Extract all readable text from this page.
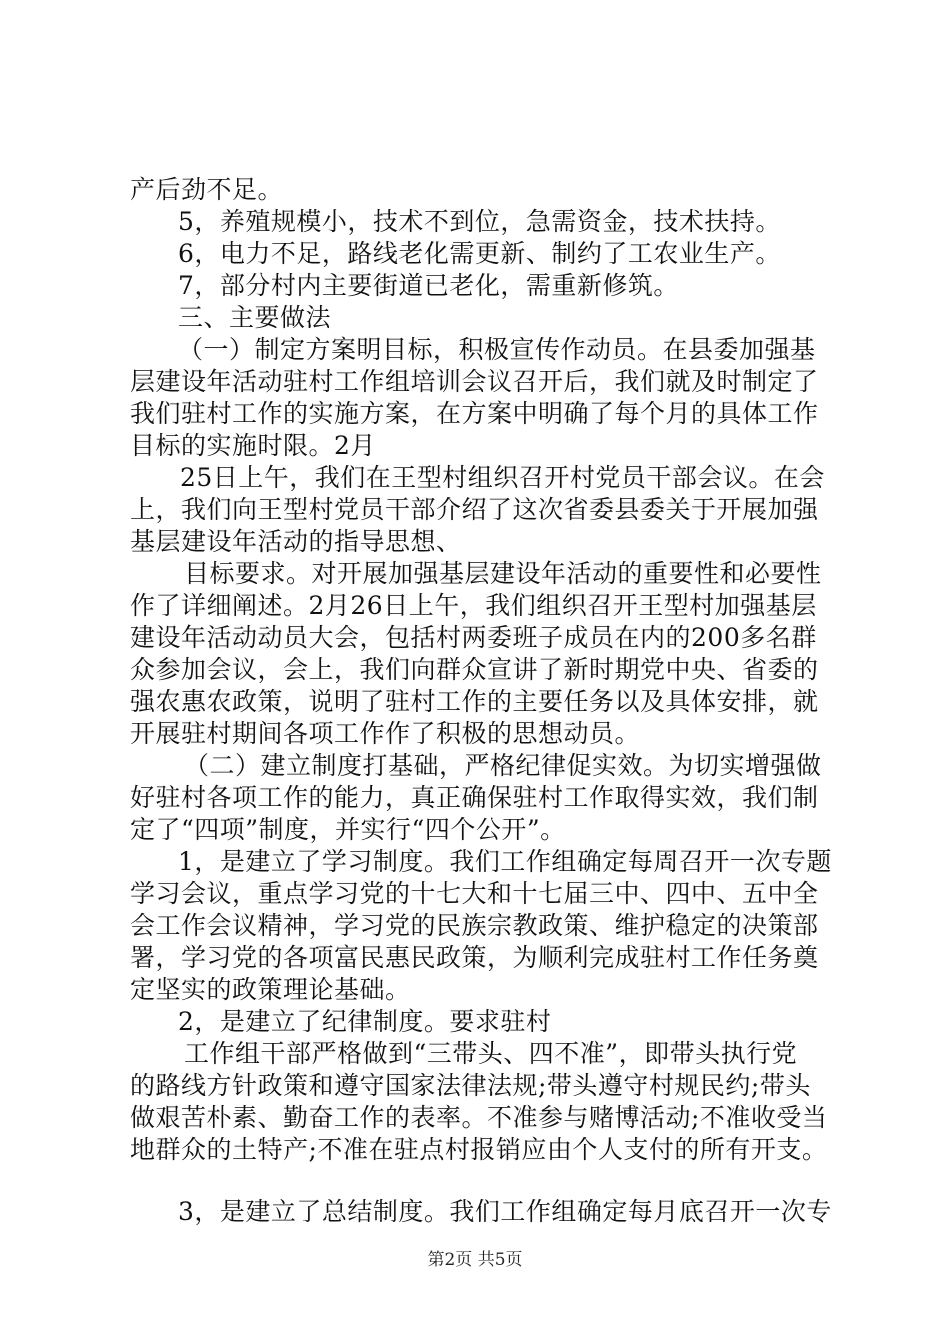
产后劲不足。
5，养殖规模小，技术不到位，急需资金，技术扶持。
6，电力不足，路线老化需更新、制约了工农业生产。
7，部分村内主要街道已老化，需重新修筑。
三、主要做法
（一）制定方案明目标，积极宣传作动员。在县委加强基
层建设年活动驻村工作组培训会议召开后，我们就及时制定了
我们驻村工作的实施方案，在方案中明确了每个月的具体工作
目标的实施时限。2月
25日上午，我们在王型村组织召开村党员干部会议。在会
上，我们向王型村党员干部介绍了这次省委县委关于开展加强
基层建设年活动的指导思想、
目标要求。对开展加强基层建设年活动的重要性和必要性
作了详细阐述。2月26日上午，我们组织召开王型村加强基层
建设年活动动员大会，包括村两委班子成员在内的200多名群
众参加会议，会上，我们向群众宣讲了新时期党中央、省委的
强农惠农政策，说明了驻村工作的主要任务以及具体安排，就
开展驻村期间各项工作作了积极的思想动员。
（二）建立制度打基础，严格纪律促实效。为切实增强做
好驻村各项工作的能力，真正确保驻村工作取得实效，我们制
定了“四项”制度，并实行“四个公开”。
1，是建立了学习制度。我们工作组确定每周召开一次专题
学习会议，重点学习党的十七大和十七届三中、四中、五中全
会工作会议精神，学习党的民族宗教政策、维护稳定的决策部
署，学习党的各项富民惠民政策，为顺利完成驻村工作任务奠
定坚实的政策理论基础。
2，是建立了纪律制度。要求驻村
工作组干部严格做到“三带头、四不准”，即带头执行党
的路线方针政策和遵守国家法律法规;带头遵守村规民约;带头
做艰苦朴素、勤奋工作的表率。不准参与赌博活动;不准收受当
地群众的土特产;不准在驻点村报销应由个人支付的所有开支。
3，是建立了总结制度。我们工作组确定每月底召开一次专
第2页 共5页
